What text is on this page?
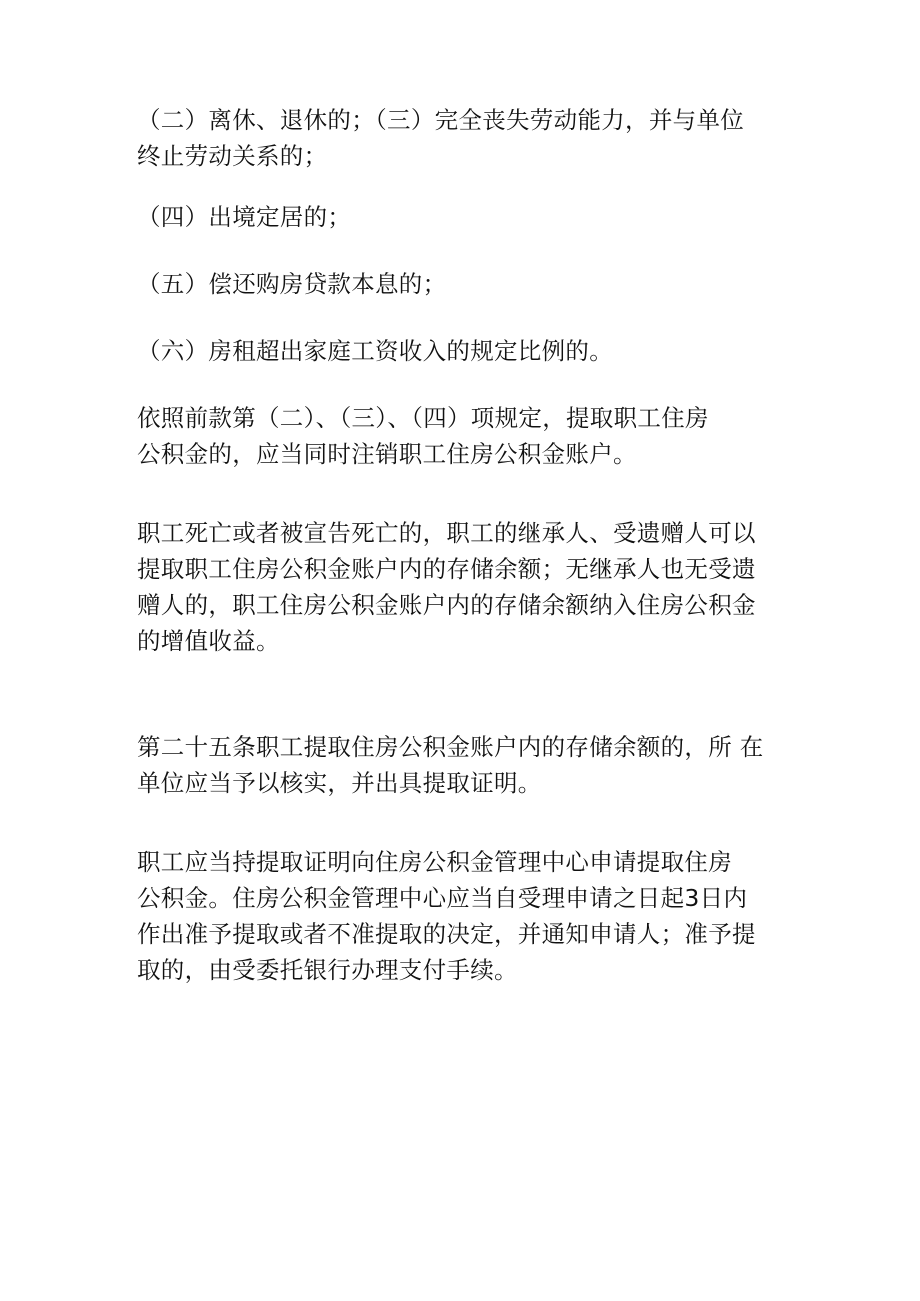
（二）离休、退休的；（三）完全丧失劳动能力，并与单位
终止劳动关系的；
（四）出境定居的；
（五）偿还购房贷款本息的；
（六）房租超出家庭工资收入的规定比例的。
依照前款第（二）、（三）、（四）项规定，提取职工住房
公积金的，应当同时注销职工住房公积金账户。
职工死亡或者被宣告死亡的，职工的继承人、受遗赠人可以
提取职工住房公积金账户内的存储余额；无继承人也无受遗
赠人的，职工住房公积金账户内的存储余额纳入住房公积金
的增值收益。
第二十五条职工提取住房公积金账户内的存储余额的，所 在
单位应当予以核实，并出具提取证明。
职工应当持提取证明向住房公积金管理中心申请提取住房
公积金。住房公积金管理中心应当自受理申请之日起3日内
作出准予提取或者不准提取的决定，并通知申请人；准予提
取的，由受委托银行办理支付手续。
